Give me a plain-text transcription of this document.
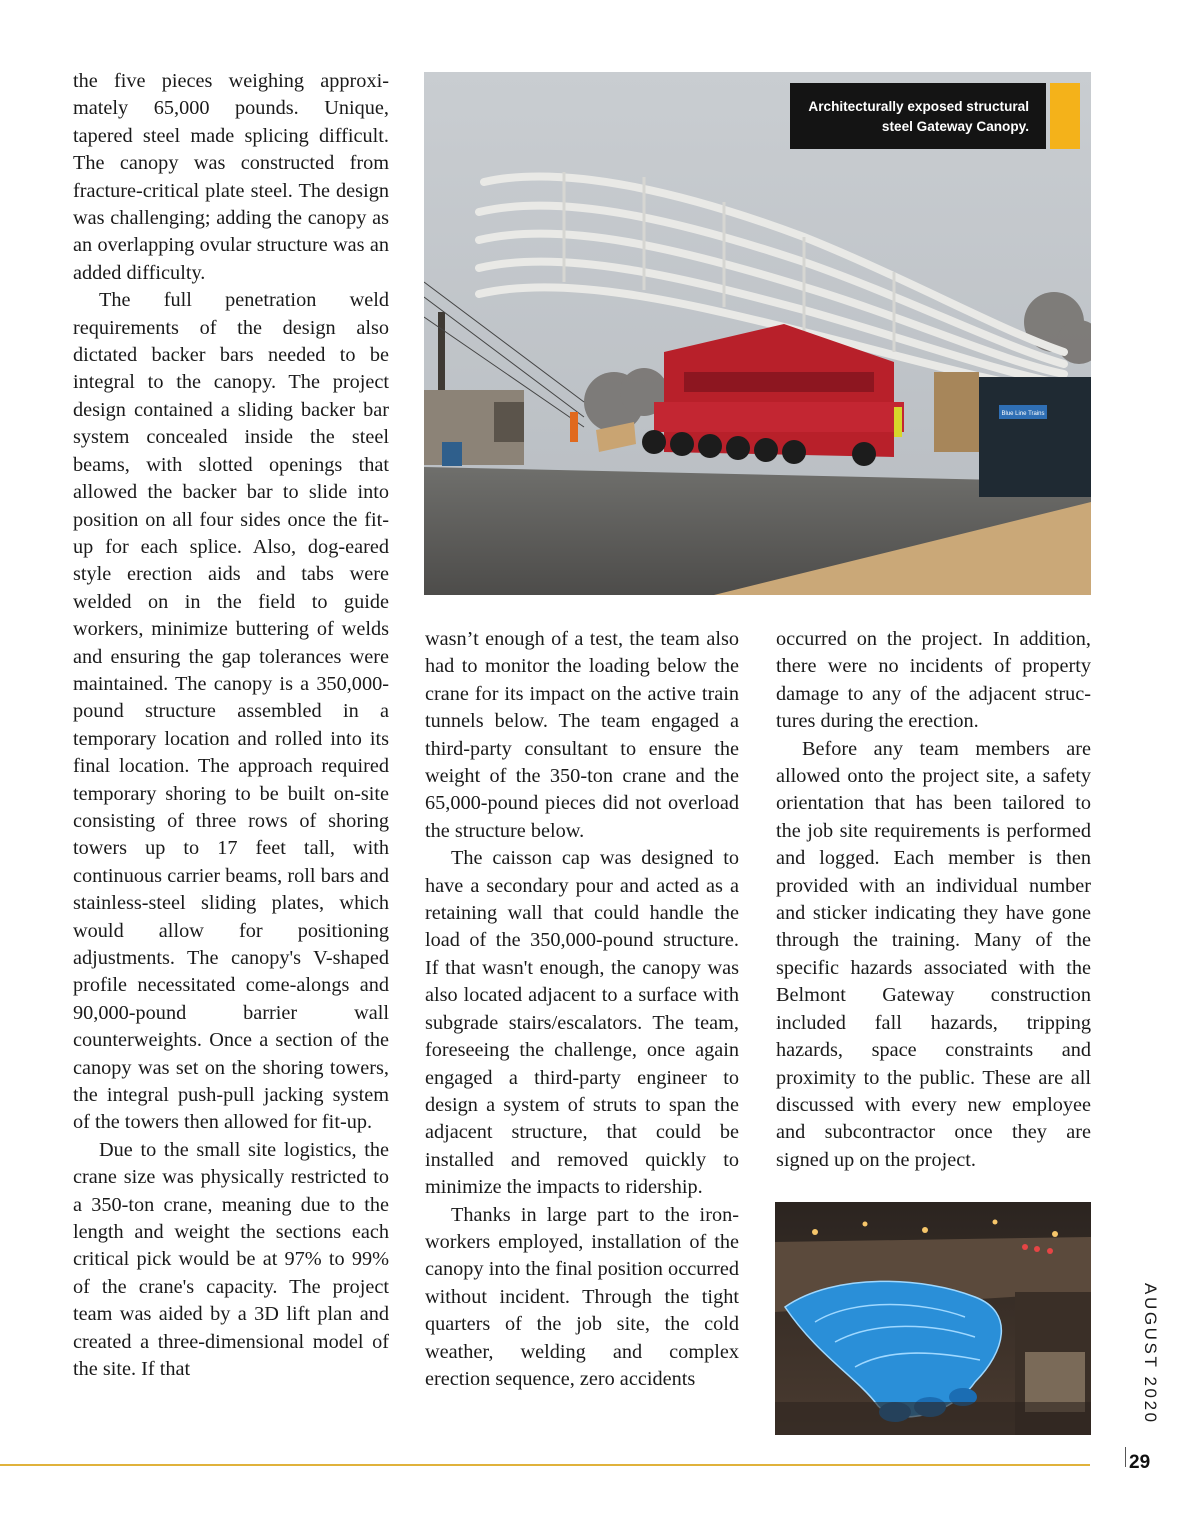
the five pieces weighing approximately 65,000 pounds. Unique, tapered steel made splicing difficult. The canopy was constructed from fracture-critical plate steel. The design was challenging; adding the canopy as an overlapping ovular structure was an added difficulty.

The full penetration weld requirements of the design also dictated backer bars needed to be integral to the canopy. The project design contained a sliding backer bar system concealed inside the steel beams, with slotted openings that allowed the backer bar to slide into position on all four sides once the fit-up for each splice. Also, dog-eared style erection aids and tabs were welded on in the field to guide workers, minimize buttering of welds and ensuring the gap tolerances were maintained. The canopy is a 350,000-pound structure assembled in a temporary location and rolled into its final location. The approach required temporary shoring to be built on-site consisting of three rows of shoring towers up to 17 feet tall, with continuous carrier beams, roll bars and stainless-steel sliding plates, which would allow for positioning adjustments. The canopy's V-shaped profile necessitated come-alongs and 90,000-pound barrier wall counterweights. Once a section of the canopy was set on the shoring towers, the integral push-pull jacking system of the towers then allowed for fit-up.

Due to the small site logistics, the crane size was physically restricted to a 350-ton crane, meaning due to the length and weight the sections each critical pick would be at 97% to 99% of the crane's capacity. The project team was aided by a 3D lift plan and created a three-dimensional model of the site. If that

Blue Line Trains
Architecturally exposed structural
steel Gateway Canopy.

wasn’t enough of a test, the team also had to monitor the loading below the crane for its impact on the active train tunnels below. The team engaged a third-party consultant to ensure the weight of the 350-ton crane and the 65,000-pound pieces did not overload the structure below.

The caisson cap was designed to have a secondary pour and acted as a retaining wall that could handle the load of the 350,000-pound structure. If that wasn't enough, the canopy was also located adjacent to a surface with subgrade stairs/escalators. The team, foreseeing the challenge, once again engaged a third-party engineer to design a system of struts to span the adjacent structure, that could be installed and removed quickly to minimize the impacts to ridership.

Thanks in large part to the ironworkers employed, installation of the canopy into the final position occurred without incident. Through the tight quarters of the job site, the cold weather, welding and complex erection sequence, zero accidents

occurred on the project. In addition, there were no incidents of property damage to any of the adjacent structures during the erection.

Before any team members are allowed onto the project site, a safety orientation that has been tailored to the job site requirements is performed and logged. Each member is then provided with an individual number and sticker indicating they have gone through the training. Many of the specific hazards associated with the Belmont Gateway construction included fall hazards, tripping hazards, space constraints and proximity to the public. These are all discussed with every new employee and subcontractor once they are signed up on the project.

AUGUST 2020
29
